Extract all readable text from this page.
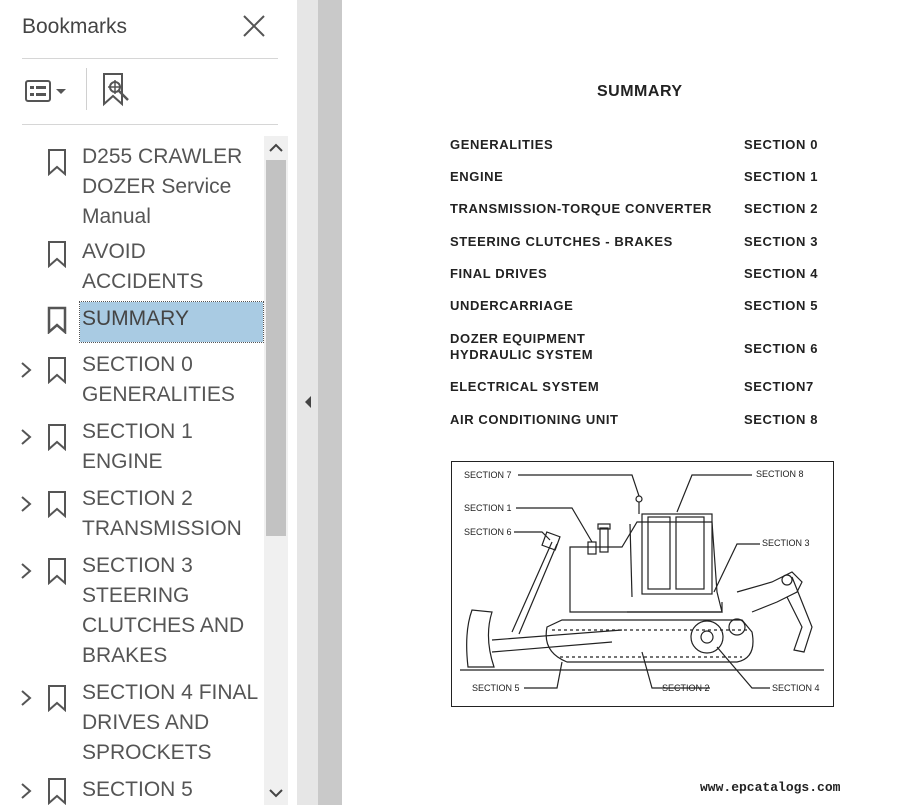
Bookmarks
D255 CRAWLER DOZER Service Manual
AVOID ACCIDENTS
SUMMARY
SECTION 0 GENERALITIES
SECTION 1 ENGINE
SECTION 2 TRANSMISSION
SECTION 3 STEERING CLUTCHES AND BRAKES
SECTION 4 FINAL DRIVES AND SPROCKETS
SECTION 5
SUMMARY
GENERALITIES	SECTION 0
ENGINE	SECTION 1
TRANSMISSION-TORQUE CONVERTER	SECTION 2
STEERING CLUTCHES - BRAKES	SECTION 3
FINAL DRIVES	SECTION 4
UNDERCARRIAGE	SECTION 5
DOZER EQUIPMENT
HYDRAULIC SYSTEM	SECTION 6
ELECTRICAL SYSTEM	SECTION7
AIR CONDITIONING UNIT	SECTION 8
SECTION 7	SECTION 8
SECTION 1
SECTION 6
SECTION 3
SECTION 5	SECTION 2	SECTION 4
www.epcatalogs.com
